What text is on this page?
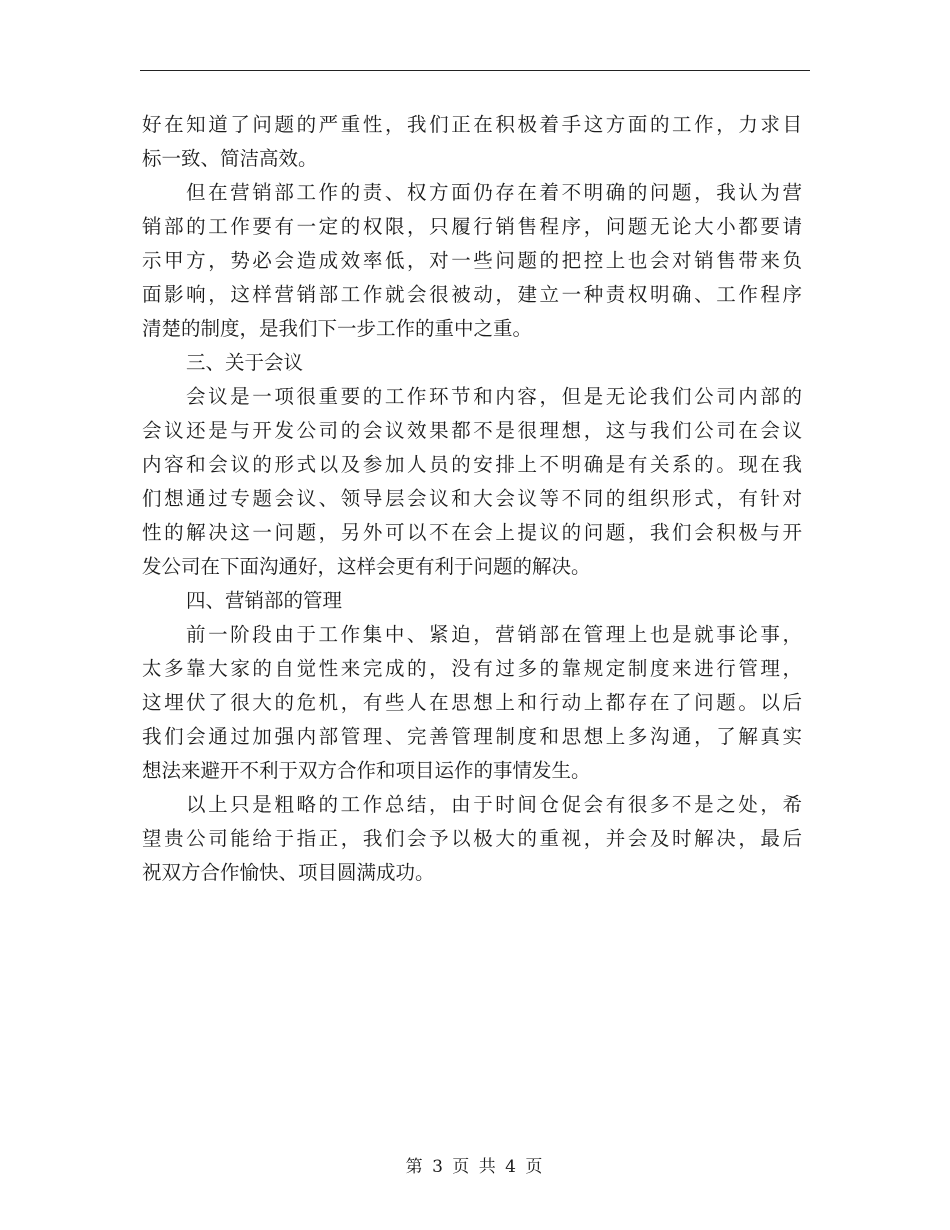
好在知道了问题的严重性，我们正在积极着手这方面的工作，力求目
标一致、简洁高效。
但在营销部工作的责、权方面仍存在着不明确的问题，我认为营
销部的工作要有一定的权限，只履行销售程序，问题无论大小都要请
示甲方，势必会造成效率低，对一些问题的把控上也会对销售带来负
面影响，这样营销部工作就会很被动，建立一种责权明确、工作程序
清楚的制度，是我们下一步工作的重中之重。
三、关于会议
会议是一项很重要的工作环节和内容，但是无论我们公司内部的
会议还是与开发公司的会议效果都不是很理想，这与我们公司在会议
内容和会议的形式以及参加人员的安排上不明确是有关系的。现在我
们想通过专题会议、领导层会议和大会议等不同的组织形式，有针对
性的解决这一问题，另外可以不在会上提议的问题，我们会积极与开
发公司在下面沟通好，这样会更有利于问题的解决。
四、营销部的管理
前一阶段由于工作集中、紧迫，营销部在管理上也是就事论事，
太多靠大家的自觉性来完成的，没有过多的靠规定制度来进行管理，
这埋伏了很大的危机，有些人在思想上和行动上都存在了问题。以后
我们会通过加强内部管理、完善管理制度和思想上多沟通，了解真实
想法来避开不利于双方合作和项目运作的事情发生。
以上只是粗略的工作总结，由于时间仓促会有很多不是之处，希
望贵公司能给于指正，我们会予以极大的重视，并会及时解决，最后
祝双方合作愉快、项目圆满成功。
第 3 页 共 4 页
